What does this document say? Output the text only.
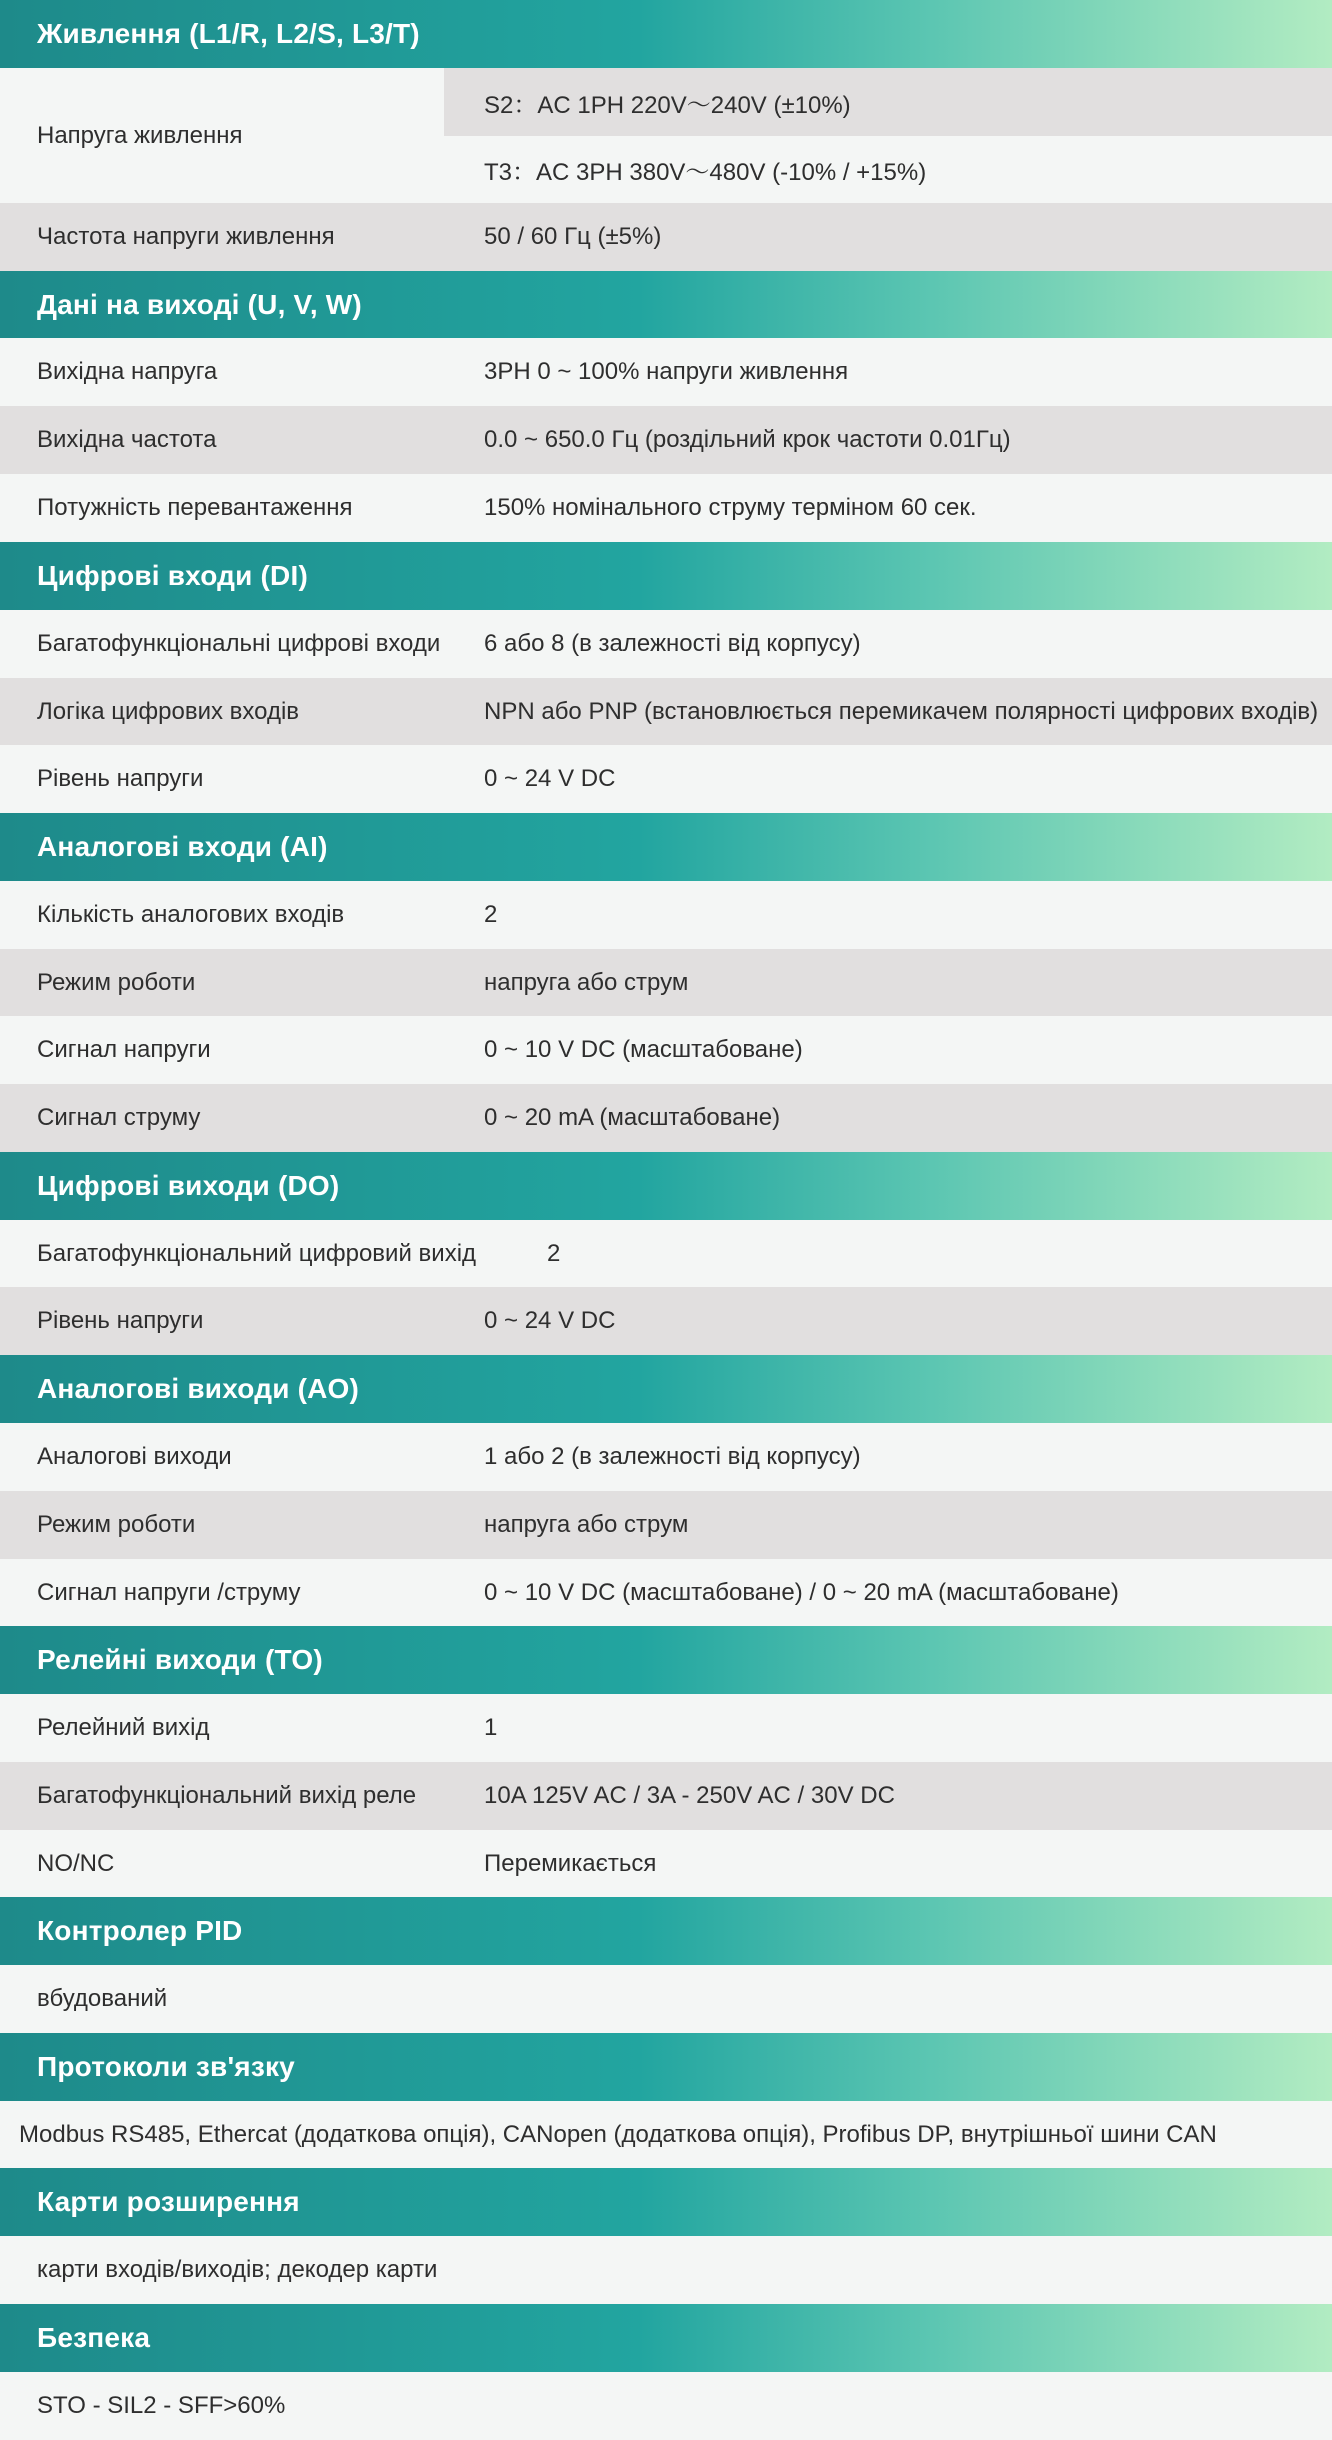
Живлення (L1/R, L2/S, L3/T)
Напруга живлення
S2：AC 1PH 220V～240V (±10%)
T3：AC 3PH 380V～480V (-10% / +15%)
Частота напруги живлення	50 / 60 Гц (±5%)
Дані на виході (U, V, W)
Вихідна напруга	3PH 0 ~ 100% напруги живлення
Вихідна частота	0.0 ~ 650.0 Гц (роздільний крок частоти 0.01Гц)
Потужність перевантаження	150% номінального струму терміном 60 сек.
Цифрові входи (DI)
Багатофункціональні цифрові входи 6 або 8 (в залежності від корпусу)
Логіка цифрових входів	NPN або PNP (встановлюється перемикачем полярності цифрових входів)
Рівень напруги	0 ~ 24 V DC
Аналогові входи (AI)
Кількість аналогових входів	2
Режим роботи	напруга або струм
Сигнал напруги	0 ~ 10 V DC (масштабоване)
Сигнал струму	0 ~ 20 mA (масштабоване)
Цифрові виходи (DO)
Багатофункціональний цифровий вихід	2
Рівень напруги	0 ~ 24 V DC
Аналогові виходи (AO)
Аналогові виходи	1 або 2 (в залежності від корпусу)
Режим роботи	напруга або струм
Сигнал напруги /струму	0 ~ 10 V DC (масштабоване) / 0 ~ 20 mA (масштабоване)
Релейні виходи (TO)
Релейний вихід	1
Багатофункціональний вихід реле	10A 125V AC / 3A - 250V AC / 30V DC
NO/NC	Перемикається
Контролер PID
вбудований
Протоколи зв'язку
Modbus RS485, Ethercat (додаткова опція), CANopen (додаткова опція), Profibus DP, внутрішньої шини CAN
Карти розширення
карти входів/виходів; декодер карти
Безпека
STO - SIL2 - SFF>60%
